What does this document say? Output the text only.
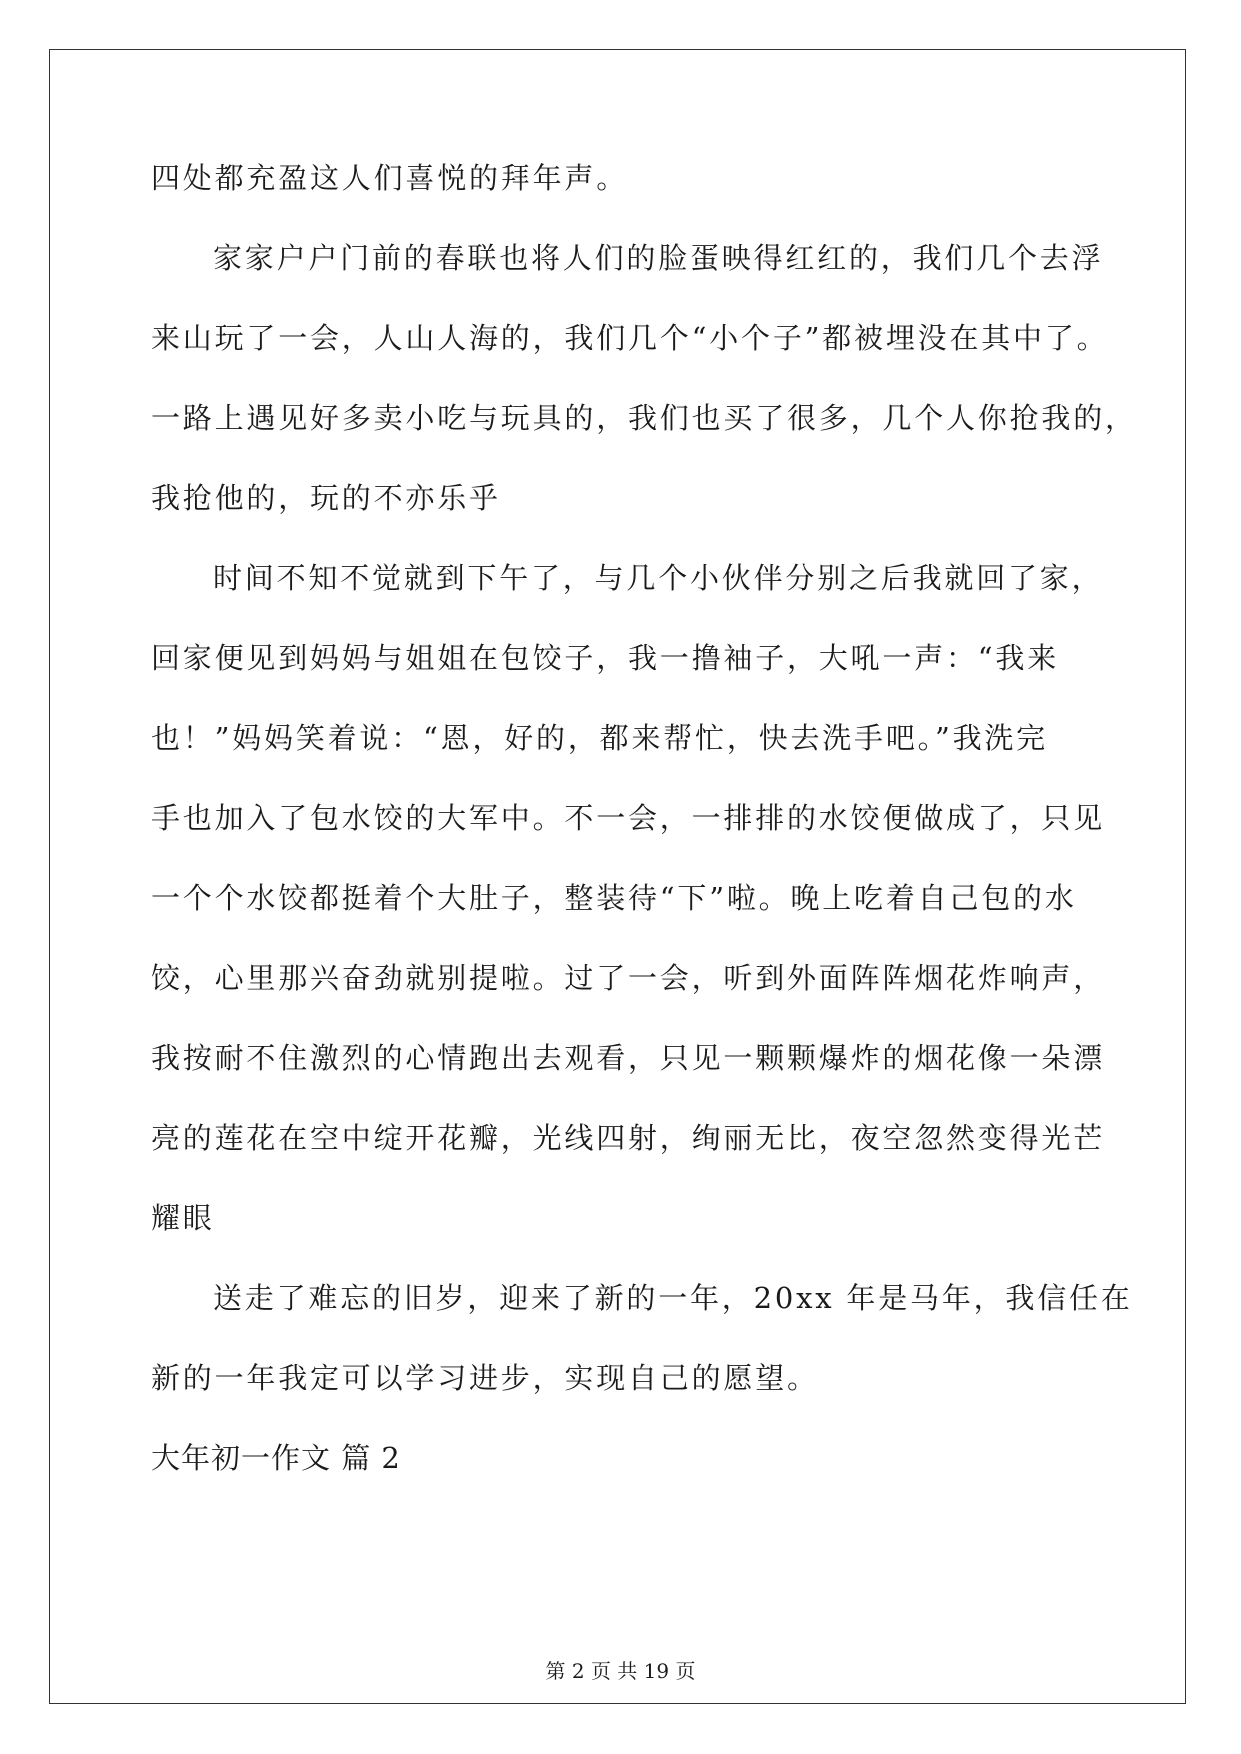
四处都充盈这人们喜悦的拜年声。
家家户户门前的春联也将人们的脸蛋映得红红的，我们几个去浮
来山玩了一会，人山人海的，我们几个“小个子”都被埋没在其中了。
一路上遇见好多卖小吃与玩具的，我们也买了很多，几个人你抢我的，
我抢他的，玩的不亦乐乎
时间不知不觉就到下午了，与几个小伙伴分别之后我就回了家，
回家便见到妈妈与姐姐在包饺子，我一撸袖子，大吼一声：“我来
也！”妈妈笑着说：“恩，好的，都来帮忙，快去洗手吧。”我洗完
手也加入了包水饺的大军中。不一会，一排排的水饺便做成了，只见
一个个水饺都挺着个大肚子，整装待“下”啦。晚上吃着自己包的水
饺，心里那兴奋劲就别提啦。过了一会，听到外面阵阵烟花炸响声，
我按耐不住激烈的心情跑出去观看，只见一颗颗爆炸的烟花像一朵漂
亮的莲花在空中绽开花瓣，光线四射，绚丽无比，夜空忽然变得光芒
耀眼
送走了难忘的旧岁，迎来了新的一年，20xx 年是马年，我信任在
新的一年我定可以学习进步，实现自己的愿望。
大年初一作文 篇 2
第 2 页 共 19 页
